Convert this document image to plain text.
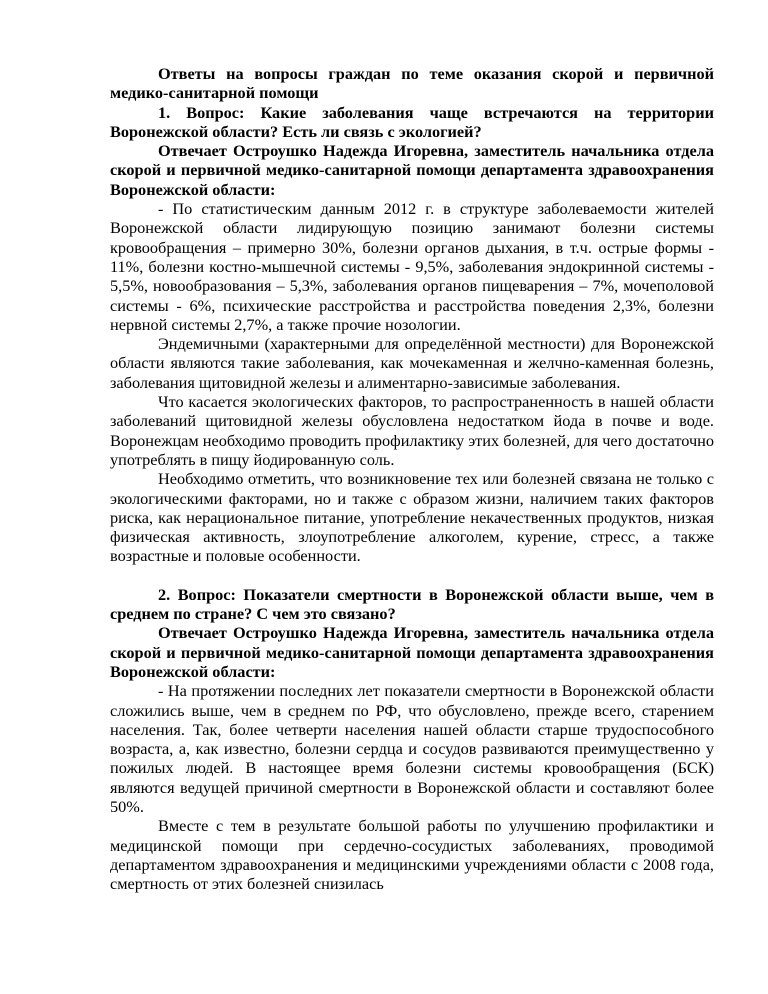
Ответы на вопросы граждан по теме оказания скорой и первичной медико-санитарной помощи

1. Вопрос: Какие заболевания чаще встречаются на территории Воронежской области? Есть ли связь с экологией?

Отвечает Остроушко Надежда Игоревна, заместитель начальника отдела скорой и первичной медико-санитарной помощи департамента здравоохранения Воронежской области:

- По статистическим данным 2012 г. в структуре заболеваемости жителей Воронежской области лидирующую позицию занимают болезни системы кровообращения – примерно 30%, болезни органов дыхания, в т.ч. острые формы - 11%, болезни костно-мышечной системы - 9,5%, заболевания эндокринной системы - 5,5%, новообразования – 5,3%, заболевания органов пищеварения – 7%, мочеполовой системы - 6%, психические расстройства и расстройства поведения 2,3%, болезни нервной системы 2,7%, а также прочие нозологии.

Эндемичными (характерными для определённой местности) для Воронежской области являются такие заболевания, как мочекаменная и желчно-каменная болезнь, заболевания щитовидной железы и алиментарно-зависимые заболевания.

Что касается экологических факторов, то распространенность в нашей области заболеваний щитовидной железы обусловлена недостатком йода в почве и воде. Воронежцам необходимо проводить профилактику этих болезней, для чего достаточно употреблять в пищу йодированную соль.

Необходимо отметить, что возникновение тех или болезней связана не только с экологическими факторами, но и также с образом жизни, наличием таких факторов риска, как нерациональное питание, употребление некачественных продуктов, низкая физическая активность, злоупотребление алкоголем, курение, стресс, а также возрастные и половые особенности.

2. Вопрос: Показатели смертности в Воронежской области выше, чем в среднем по стране? С чем это связано?

Отвечает Остроушко Надежда Игоревна, заместитель начальника отдела скорой и первичной медико-санитарной помощи департамента здравоохранения Воронежской области:

- На протяжении последних лет показатели смертности в Воронежской области сложились выше, чем в среднем по РФ, что обусловлено, прежде всего, старением населения. Так, более четверти населения нашей области старше трудоспособного возраста, а, как известно, болезни сердца и сосудов развиваются преимущественно у пожилых людей. В настоящее время болезни системы кровообращения (БСК) являются ведущей причиной смертности в Воронежской области и составляют более 50%.

Вместе с тем в результате большой работы по улучшению профилактики и медицинской помощи при сердечно-сосудистых заболеваниях, проводимой департаментом здравоохранения и медицинскими учреждениями области с 2008 года, смертность от этих болезней снизилась
